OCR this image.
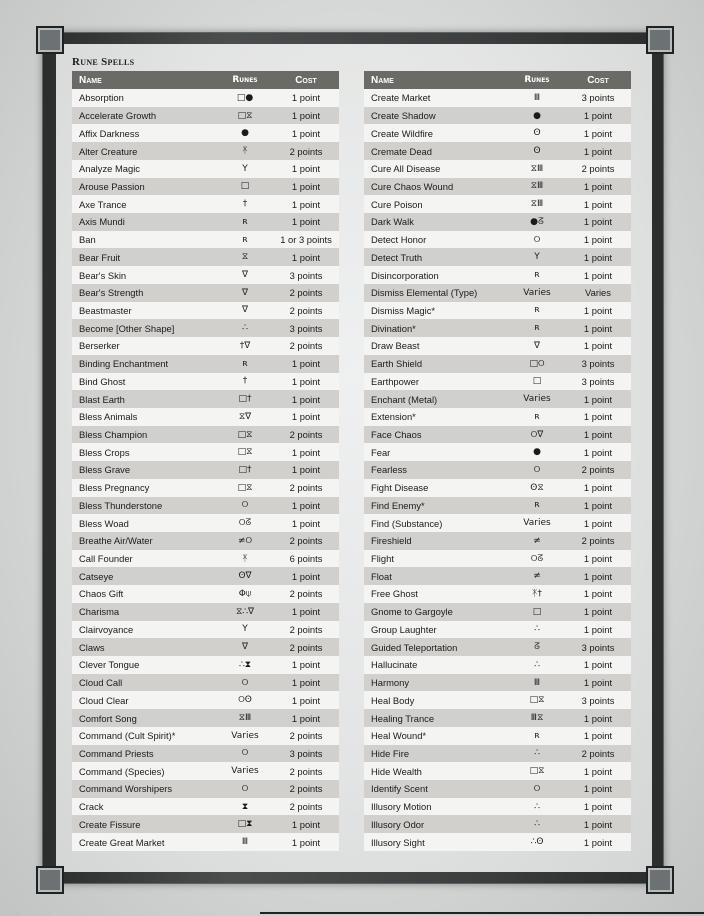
Rune Spells
Name	Runes	Cost
Absorption	□●	1 point
Accelerate Growth	□⧖	1 point
Affix Darkness	●	1 point
Alter Creature	ᛡ	2 points
Analyze Magic	Y	1 point
Arouse Passion	□	1 point
Axe Trance	†	1 point
Axis Mundi	ʀ	1 point
Ban	ʀ	1 or 3 points
Bear Fruit	⧖	1 point
Bear's Skin	∇	3 points
Bear's Strength	∇	2 points
Beastmaster	∇	2 points
Become [Other Shape]	∴	3 points
Berserker	†∇	2 points
Binding Enchantment	ʀ	1 point
Bind Ghost	†	1 point
Blast Earth	□†	1 point
Bless Animals	⧖∇	1 point
Bless Champion	□⧖	2 points
Bless Crops	□⧖	1 point
Bless Grave	□†	1 point
Bless Pregnancy	□⧖	2 points
Bless Thunderstone	୦	1 point
Bless Woad	୦ᘔ	1 point
Breathe Air/Water	≠୦	2 points
Call Founder	ᛡ	6 points
Catseye	ʘ∇	1 point
Chaos Gift	Φ⍦	2 points
Charisma	⧖∴∇	1 point
Clairvoyance	Y	2 points
Claws	∇	2 points
Clever Tongue	∴⧗	1 point
Cloud Call	୦	1 point
Cloud Clear	୦ʘ	1 point
Comfort Song	⧖Ⅲ	1 point
Command (Cult Spirit)*	Varies	2 points
Command Priests	୦	3 points
Command (Species)	Varies	2 points
Command Worshipers	୦	2 points
Crack	⧗	2 points
Create Fissure	□⧗	1 point
Create Great Market	Ⅲ	1 point
Name	Runes	Cost
Create Market	Ⅲ	3 points
Create Shadow	●	1 point
Create Wildfire	ʘ	1 point
Cremate Dead	ʘ	1 point
Cure All Disease	⧖Ⅲ	2 points
Cure Chaos Wound	⧖Ⅲ	1 point
Cure Poison	⧖Ⅲ	1 point
Dark Walk	●ᘔ	1 point
Detect Honor	୦	1 point
Detect Truth	Y	1 point
Disincorporation	ʀ	1 point
Dismiss Elemental (Type)	Varies	Varies
Dismiss Magic*	ʀ	1 point
Divination*	ʀ	1 point
Draw Beast	∇	1 point
Earth Shield	□୦	3 points
Earthpower	□	3 points
Enchant (Metal)	Varies	1 point
Extension*	ʀ	1 point
Face Chaos	୦∇	1 point
Fear	●	1 point
Fearless	୦	2 points
Fight Disease	ʘ⧖	1 point
Find Enemy*	ʀ	1 point
Find (Substance)	Varies	1 point
Fireshield	≠	2 points
Flight	୦ᘔ	1 point
Float	≠	1 point
Free Ghost	ᛡ†	1 point
Gnome to Gargoyle	□	1 point
Group Laughter	∴	1 point
Guided Teleportation	ᘔ	3 points
Hallucinate	∴	1 point
Harmony	Ⅲ	1 point
Heal Body	□⧖	3 points
Healing Trance	Ⅲ⧖	1 point
Heal Wound*	ʀ	1 point
Hide Fire	∴	2 points
Hide Wealth	□⧖	1 point
Identify Scent	୦	1 point
Illusory Motion	∴	1 point
Illusory Odor	∴	1 point
Illusory Sight	∴ʘ	1 point
